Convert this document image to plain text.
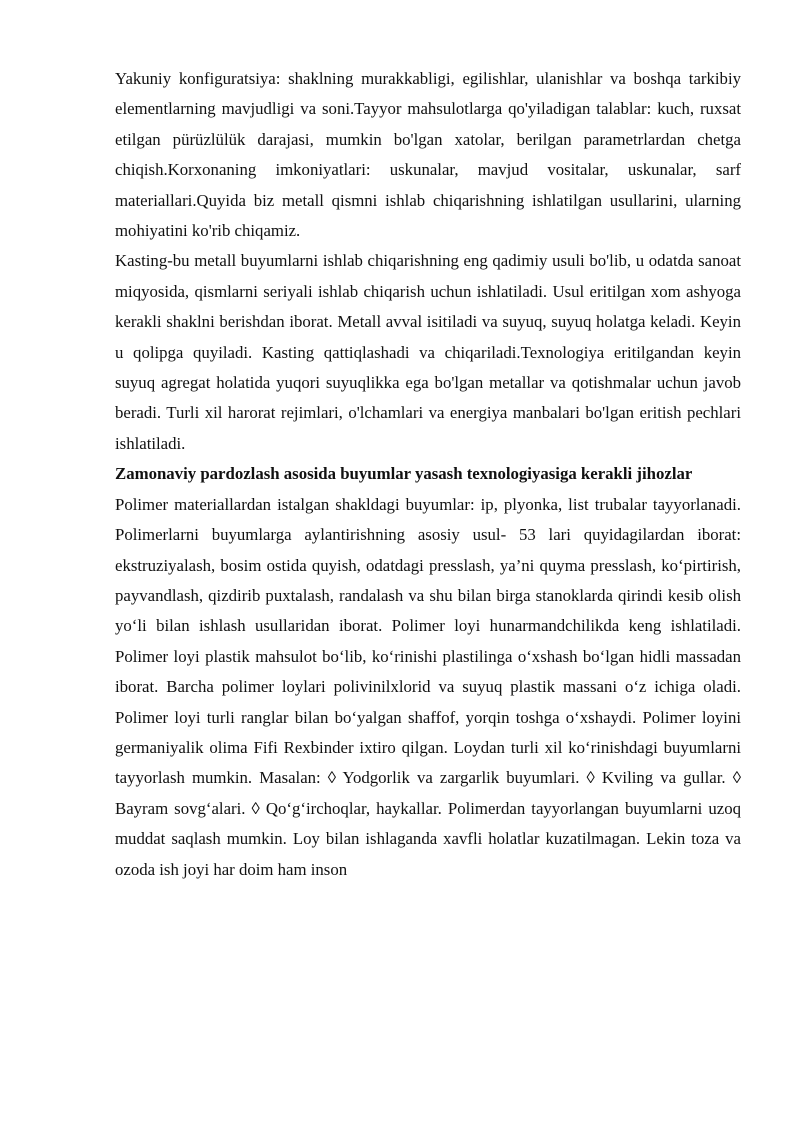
Yakuniy konfiguratsiya: shaklning murakkabligi, egilishlar, ulanishlar va boshqa tarkibiy elementlarning mavjudligi va soni.Tayyor mahsulotlarga qo'yiladigan talablar: kuch, ruxsat etilgan pürüzlülük darajasi, mumkin bo'lgan xatolar, berilgan parametrlardan chetga chiqish.Korxonaning imkoniyatlari: uskunalar, mavjud vositalar, uskunalar, sarf materiallari.Quyida biz metall qismni ishlab chiqarishning ishlatilgan usullarini, ularning mohiyatini ko'rib chiqamiz.

Kasting-bu metall buyumlarni ishlab chiqarishning eng qadimiy usuli bo'lib, u odatda sanoat miqyosida, qismlarni seriyali ishlab chiqarish uchun ishlatiladi. Usul eritilgan xom ashyoga kerakli shaklni berishdan iborat. Metall avval isitiladi va suyuq, suyuq holatga keladi. Keyin u qolipga quyiladi. Kasting qattiqlashadi va chiqariladi.Texnologiya eritilgandan keyin suyuq agregat holatida yuqori suyuqlikka ega bo'lgan metallar va qotishmalar uchun javob beradi. Turli xil harorat rejimlari, o'lchamlari va energiya manbalari bo'lgan eritish pechlari ishlatiladi.

Zamonaviy pardozlash asosida buyumlar yasash texnologiyasiga kerakli jihozlar

Polimer materiallardan istalgan shakldagi buyumlar: ip, plyonka, list trubalar tayyorlanadi. Polimerlarni buyumlarga aylantirishning asosiy usul- 53 lari quyidagilardan iborat: ekstruziyalash, bosim ostida quyish, odatdagi presslash, ya’ni quyma presslash, ko‘pirtirish, payvandlash, qizdirib puxtalash, randalash va shu bilan birga stanoklarda qirindi kesib olish yo‘li bilan ishlash usullaridan iborat. Polimer loyi hunarmandchilikda keng ishlatiladi. Polimer loyi plastik mahsulot bo‘lib, ko‘rinishi plastilinga o‘xshash bo‘lgan hidli massadan iborat. Barcha polimer loylari polivinilxlorid va suyuq plastik massani o‘z ichiga oladi. Polimer loyi turli ranglar bilan bo‘yalgan shaffof, yorqin toshga o‘xshaydi. Polimer loyini germaniyalik olima Fifi Rexbinder ixtiro qilgan. Loydan turli xil ko‘rinishdagi buyumlarni tayyorlash mumkin. Masalan: ◊ Yodgorlik va zargarlik buyumlari. ◊ Kviling va gullar. ◊ Bayram sovg‘alari. ◊ Qo‘g‘irchoqlar, haykallar. Polimerdan tayyorlangan buyumlarni uzoq muddat saqlash mumkin. Loy bilan ishlaganda xavfli holatlar kuzatilmagan. Lekin toza va ozoda ish joyi har doim ham inson
